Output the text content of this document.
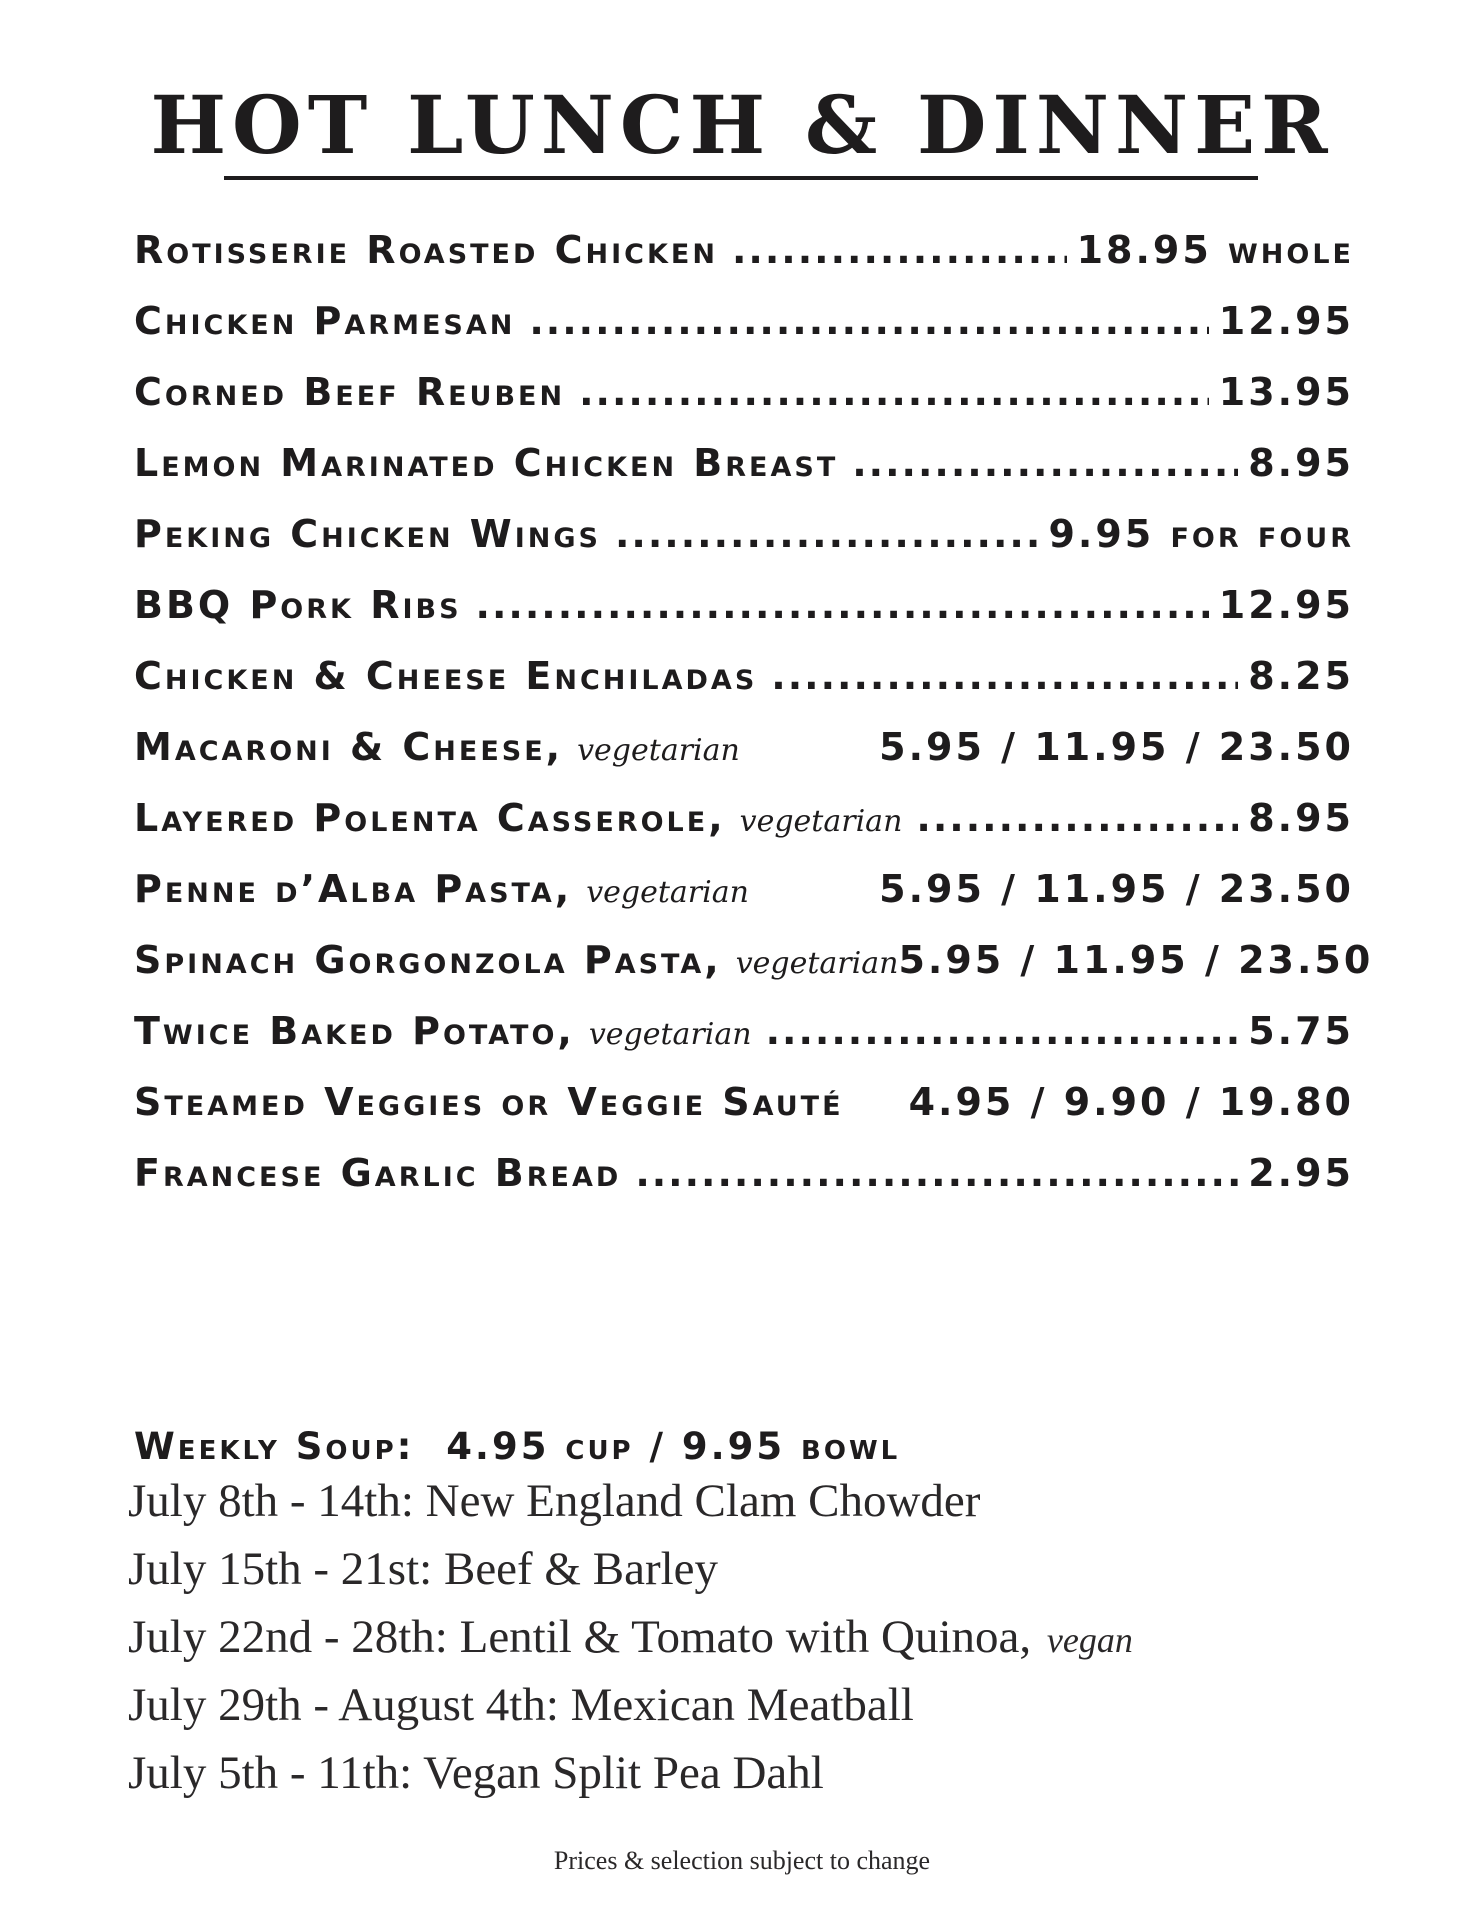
HOT LUNCH & DINNER
Rotisserie Roasted Chicken .....	18.95 whole
Chicken Parmesan .....	12.95
Corned Beef Reuben .....	13.95
Lemon Marinated Chicken Breast .....	8.95
Peking Chicken Wings .....	9.95 for four
BBQ Pork Ribs .....	12.95
Chicken & Cheese Enchiladas .....	8.25
Macaroni & Cheese, vegetarian	5.95 / 11.95 / 23.50
Layered Polenta Casserole, vegetarian .....	8.95
Penne d’Alba Pasta, vegetarian	5.95 / 11.95 / 23.50
Spinach Gorgonzola Pasta, vegetarian 5.95 / 11.95 / 23.50
Twice Baked Potato, vegetarian .....	5.75
Steamed Veggies or Veggie Sauté 4.95 / 9.90 / 19.80
Francese Garlic Bread .....	2.95
Weekly Soup: 4.95 cup / 9.95 bowl
July 8th - 14th: New England Clam Chowder
July 15th - 21st: Beef & Barley
July 22nd - 28th: Lentil & Tomato with Quinoa, vegan
July 29th - August 4th: Mexican Meatball
July 5th - 11th: Vegan Split Pea Dahl
Prices & selection subject to change
